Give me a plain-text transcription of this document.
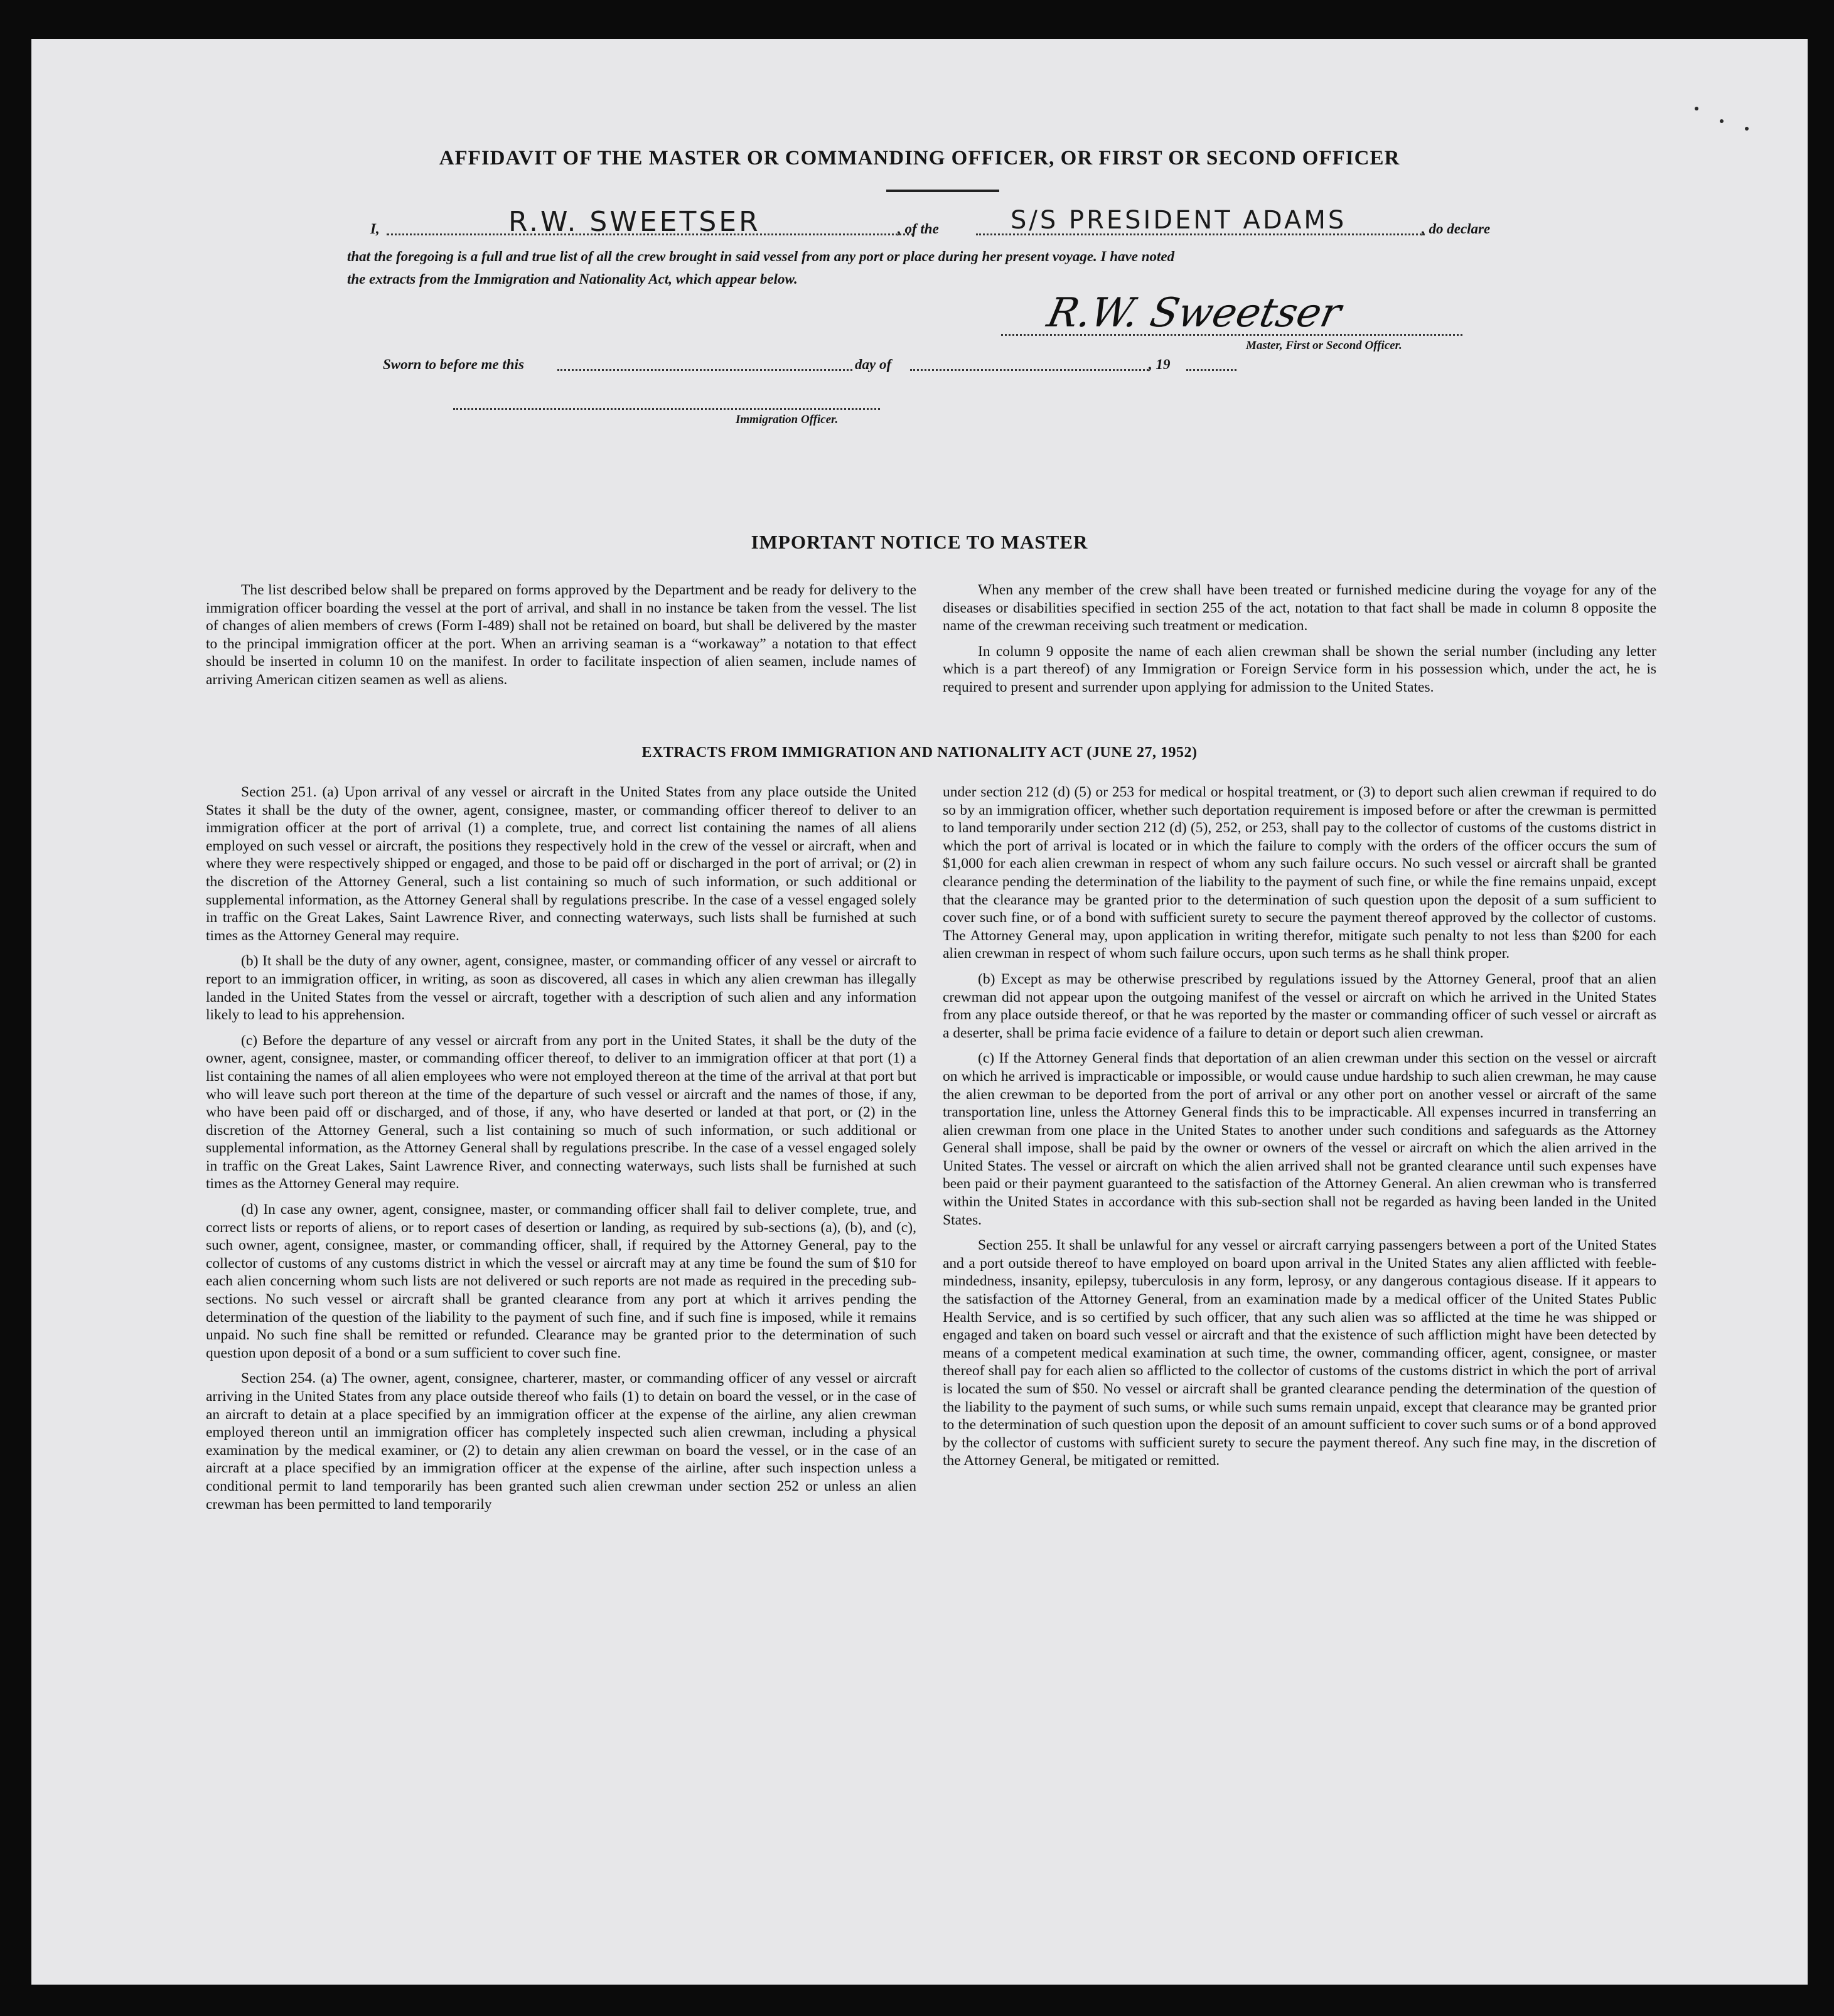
AFFIDAVIT OF THE MASTER OR COMMANDING OFFICER, OR FIRST OR SECOND OFFICER
I,	R.W. SWEETSER	, of the	S/S PRESIDENT ADAMS	, do declare
that the foregoing is a full and true list of all the crew brought in said vessel from any port or place during her present voyage. I have noted
the extracts from the Immigration and Nationality Act, which appear below.
R.W. Sweetser
Master, First or Second Officer.
Sworn to before me this	day of	, 19
Immigration Officer.
IMPORTANT NOTICE TO MASTER

The list described below shall be prepared on forms approved by the Department and be ready for delivery to the immigration officer boarding the vessel at the port of arrival, and shall in no instance be taken from the vessel. The list of changes of alien members of crews (Form I-489) shall not be retained on board, but shall be delivered by the master to the principal immigration officer at the port. When an arriving seaman is a “workaway” a notation to that effect should be inserted in column 10 on the manifest. In order to facilitate inspection of alien seamen, include names of arriving American citizen seamen as well as aliens.

When any member of the crew shall have been treated or furnished medicine during the voyage for any of the diseases or disabilities specified in section 255 of the act, notation to that fact shall be made in column 8 opposite the name of the crewman receiving such treatment or medication.

In column 9 opposite the name of each alien crewman shall be shown the serial number (including any letter which is a part thereof) of any Immigration or Foreign Service form in his possession which, under the act, he is required to present and surrender upon applying for admission to the United States.

EXTRACTS FROM IMMIGRATION AND NATIONALITY ACT (JUNE 27, 1952)

Section 251. (a) Upon arrival of any vessel or aircraft in the United States from any place outside the United States it shall be the duty of the owner, agent, consignee, master, or commanding officer thereof to deliver to an immigration officer at the port of arrival (1) a complete, true, and correct list containing the names of all aliens employed on such vessel or aircraft, the positions they respectively hold in the crew of the vessel or aircraft, when and where they were respectively shipped or engaged, and those to be paid off or discharged in the port of arrival; or (2) in the discretion of the Attorney General, such a list containing so much of such information, or such additional or supplemental information, as the Attorney General shall by regulations prescribe. In the case of a vessel engaged solely in traffic on the Great Lakes, Saint Lawrence River, and connecting waterways, such lists shall be furnished at such times as the Attorney General may require.

(b) It shall be the duty of any owner, agent, consignee, master, or commanding officer of any vessel or aircraft to report to an immigration officer, in writing, as soon as discovered, all cases in which any alien crewman has illegally landed in the United States from the vessel or aircraft, together with a description of such alien and any information likely to lead to his apprehension.

(c) Before the departure of any vessel or aircraft from any port in the United States, it shall be the duty of the owner, agent, consignee, master, or commanding officer thereof, to deliver to an immigration officer at that port (1) a list containing the names of all alien employees who were not employed thereon at the time of the arrival at that port but who will leave such port thereon at the time of the departure of such vessel or aircraft and the names of those, if any, who have been paid off or discharged, and of those, if any, who have deserted or landed at that port, or (2) in the discretion of the Attorney General, such a list containing so much of such information, or such additional or supplemental information, as the Attorney General shall by regulations prescribe. In the case of a vessel engaged solely in traffic on the Great Lakes, Saint Lawrence River, and connecting waterways, such lists shall be furnished at such times as the Attorney General may require.

(d) In case any owner, agent, consignee, master, or commanding officer shall fail to deliver complete, true, and correct lists or reports of aliens, or to report cases of desertion or landing, as required by sub-sections (a), (b), and (c), such owner, agent, consignee, master, or commanding officer, shall, if required by the Attorney General, pay to the collector of customs of any customs district in which the vessel or aircraft may at any time be found the sum of $10 for each alien concerning whom such lists are not delivered or such reports are not made as required in the preceding sub-sections. No such vessel or aircraft shall be granted clearance from any port at which it arrives pending the determination of the question of the liability to the payment of such fine, and if such fine is imposed, while it remains unpaid. No such fine shall be remitted or refunded. Clearance may be granted prior to the determination of such question upon deposit of a bond or a sum sufficient to cover such fine.

Section 254. (a) The owner, agent, consignee, charterer, master, or commanding officer of any vessel or aircraft arriving in the United States from any place outside thereof who fails (1) to detain on board the vessel, or in the case of an aircraft to detain at a place specified by an immigration officer at the expense of the airline, any alien crewman employed thereon until an immigration officer has completely inspected such alien crewman, including a physical examination by the medical examiner, or (2) to detain any alien crewman on board the vessel, or in the case of an aircraft at a place specified by an immigration officer at the expense of the airline, after such inspection unless a conditional permit to land temporarily has been granted such alien crewman under section 252 or unless an alien crewman has been permitted to land temporarily

under section 212 (d) (5) or 253 for medical or hospital treatment, or (3) to deport such alien crewman if required to do so by an immigration officer, whether such deportation requirement is imposed before or after the crewman is permitted to land temporarily under section 212 (d) (5), 252, or 253, shall pay to the collector of customs of the customs district in which the port of arrival is located or in which the failure to comply with the orders of the officer occurs the sum of $1,000 for each alien crewman in respect of whom any such failure occurs. No such vessel or aircraft shall be granted clearance pending the determination of the liability to the payment of such fine, or while the fine remains unpaid, except that the clearance may be granted prior to the determination of such question upon the deposit of a sum sufficient to cover such fine, or of a bond with sufficient surety to secure the payment thereof approved by the collector of customs. The Attorney General may, upon application in writing therefor, mitigate such penalty to not less than $200 for each alien crewman in respect of whom such failure occurs, upon such terms as he shall think proper.

(b) Except as may be otherwise prescribed by regulations issued by the Attorney General, proof that an alien crewman did not appear upon the outgoing manifest of the vessel or aircraft on which he arrived in the United States from any place outside thereof, or that he was reported by the master or commanding officer of such vessel or aircraft as a deserter, shall be prima facie evidence of a failure to detain or deport such alien crewman.

(c) If the Attorney General finds that deportation of an alien crewman under this section on the vessel or aircraft on which he arrived is impracticable or impossible, or would cause undue hardship to such alien crewman, he may cause the alien crewman to be deported from the port of arrival or any other port on another vessel or aircraft of the same transportation line, unless the Attorney General finds this to be impracticable. All expenses incurred in transferring an alien crewman from one place in the United States to another under such conditions and safeguards as the Attorney General shall impose, shall be paid by the owner or owners of the vessel or aircraft on which the alien arrived in the United States. The vessel or aircraft on which the alien arrived shall not be granted clearance until such expenses have been paid or their payment guaranteed to the satisfaction of the Attorney General. An alien crewman who is transferred within the United States in accordance with this sub-section shall not be regarded as having been landed in the United States.

Section 255. It shall be unlawful for any vessel or aircraft carrying passengers between a port of the United States and a port outside thereof to have employed on board upon arrival in the United States any alien afflicted with feeble-mindedness, insanity, epilepsy, tuberculosis in any form, leprosy, or any dangerous contagious disease. If it appears to the satisfaction of the Attorney General, from an examination made by a medical officer of the United States Public Health Service, and is so certified by such officer, that any such alien was so afflicted at the time he was shipped or engaged and taken on board such vessel or aircraft and that the existence of such affliction might have been detected by means of a competent medical examination at such time, the owner, commanding officer, agent, consignee, or master thereof shall pay for each alien so afflicted to the collector of customs of the customs district in which the port of arrival is located the sum of $50. No vessel or aircraft shall be granted clearance pending the determination of the question of the liability to the payment of such sums, or while such sums remain unpaid, except that clearance may be granted prior to the determination of such question upon the deposit of an amount sufficient to cover such sums or of a bond approved by the collector of customs with sufficient surety to secure the payment thereof. Any such fine may, in the discretion of the Attorney General, be mitigated or remitted.
